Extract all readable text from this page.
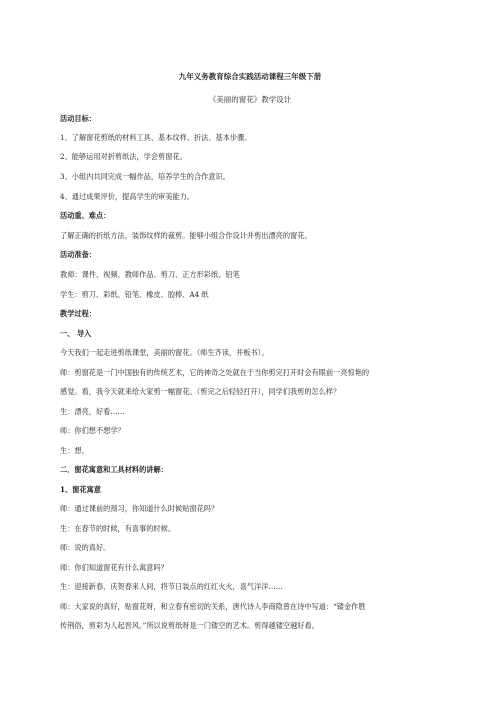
九年义务教育综合实践活动课程三年级下册
《美丽的窗花》教学设计
活动目标：
1、了解窗花剪纸的材料工具、基本纹样、折法、基本步骤。
2、能够运用对折剪纸法，学会剪窗花。
3、小组内共同完成一幅作品，培养学生的合作意识。
4、通过成果评价，提高学生的审美能力。
活动重、难点：
了解正确的折纸方法，装饰纹样的裁剪。能够小组合作设计并剪出漂亮的窗花。
活动准备：
教师：课件、视频、教师作品、剪刀、正方形彩纸、铅笔
学生：剪刀、彩纸、铅笔、橡皮、胶棒、A4 纸
教学过程：
一、 导入
今天我们一起走进剪纸课堂，美丽的窗花。（师生齐读，并板书）。
师：剪窗花是一门中国独有的传统艺术，它的神奇之处就在于当你剪完打开时会有眼前一亮惊艳的
感觉。看，我今天就来给大家剪一幅窗花。（剪完之后轻轻打开），同学们我剪的怎么样？
生：漂亮，好看……
师：你们想不想学？
生：想。
二．窗花寓意和工具材料的讲解：
1、窗花寓意
师：通过课前的预习，你知道什么时候贴窗花吗？
生：在春节的时候，有喜事的时候。
师：说的真好。
师：你们知道窗花有什么寓意吗？
生：迎接新春、庆贺春来人间，将节日装点的红红火火，喜气洋洋……
师：大家说的真好，贴窗花呀，和立春有密切的关系，唐代诗人李商隐曾在诗中写道：“镂金作胜
传荆俗，剪彩为人起晋风。”所以说剪纸呀是一门镂空的艺术。剪得越镂空越好看。
